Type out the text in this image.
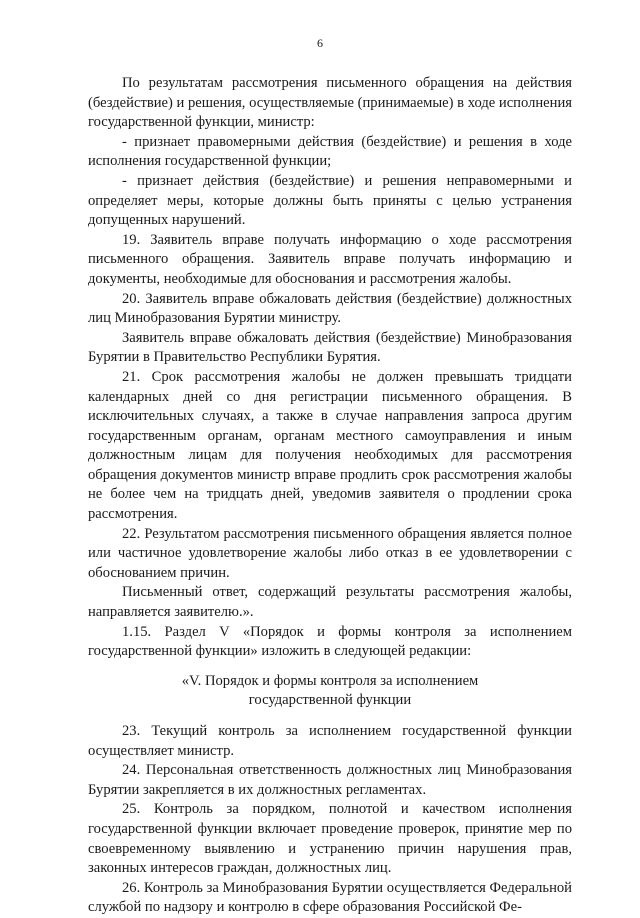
6

По результатам рассмотрения письменного обращения на действия (бездействие) и решения, осуществляемые (принимаемые) в ходе исполнения государственной функции, министр:

- признает правомерными действия (бездействие) и решения в ходе исполнения государственной функции;

- признает действия (бездействие) и решения неправомерными и определяет меры, которые должны быть приняты с целью устранения допущенных нарушений.

19. Заявитель вправе получать информацию о ходе рассмотрения письменного обращения. Заявитель вправе получать информацию и документы, необходимые для обоснования и рассмотрения жалобы.

20. Заявитель вправе обжаловать действия (бездействие) должностных лиц Минобразования Бурятии министру.

Заявитель вправе обжаловать действия (бездействие) Минобразования Бурятии в Правительство Республики Бурятия.

21. Срок рассмотрения жалобы не должен превышать тридцати календарных дней со дня регистрации письменного обращения. В исключительных случаях, а также в случае направления запроса другим государственным органам, органам местного самоуправления и иным должностным лицам для получения необходимых для рассмотрения обращения документов министр вправе продлить срок рассмотрения жалобы не более чем на тридцать дней, уведомив заявителя о продлении срока рассмотрения.

22. Результатом рассмотрения письменного обращения является полное или частичное удовлетворение жалобы либо отказ в ее удовлетворении с обоснованием причин.

Письменный ответ, содержащий результаты рассмотрения жалобы, направляется заявителю.».

1.15. Раздел V «Порядок и формы контроля за исполнением государственной функции» изложить в следующей редакции:

«V. Порядок и формы контроля за исполнением государственной функции

23. Текущий контроль за исполнением государственной функции осуществляет министр.

24. Персональная ответственность должностных лиц Минобразования Бурятии закрепляется в их должностных регламентах.

25. Контроль за порядком, полнотой и качеством исполнения государственной функции включает проведение проверок, принятие мер по своевременному выявлению и устранению причин нарушения прав, законных интересов граждан, должностных лиц.

26. Контроль за Минобразования Бурятии осуществляется Федеральной службой по надзору и контролю в сфере образования Российской Фе-
